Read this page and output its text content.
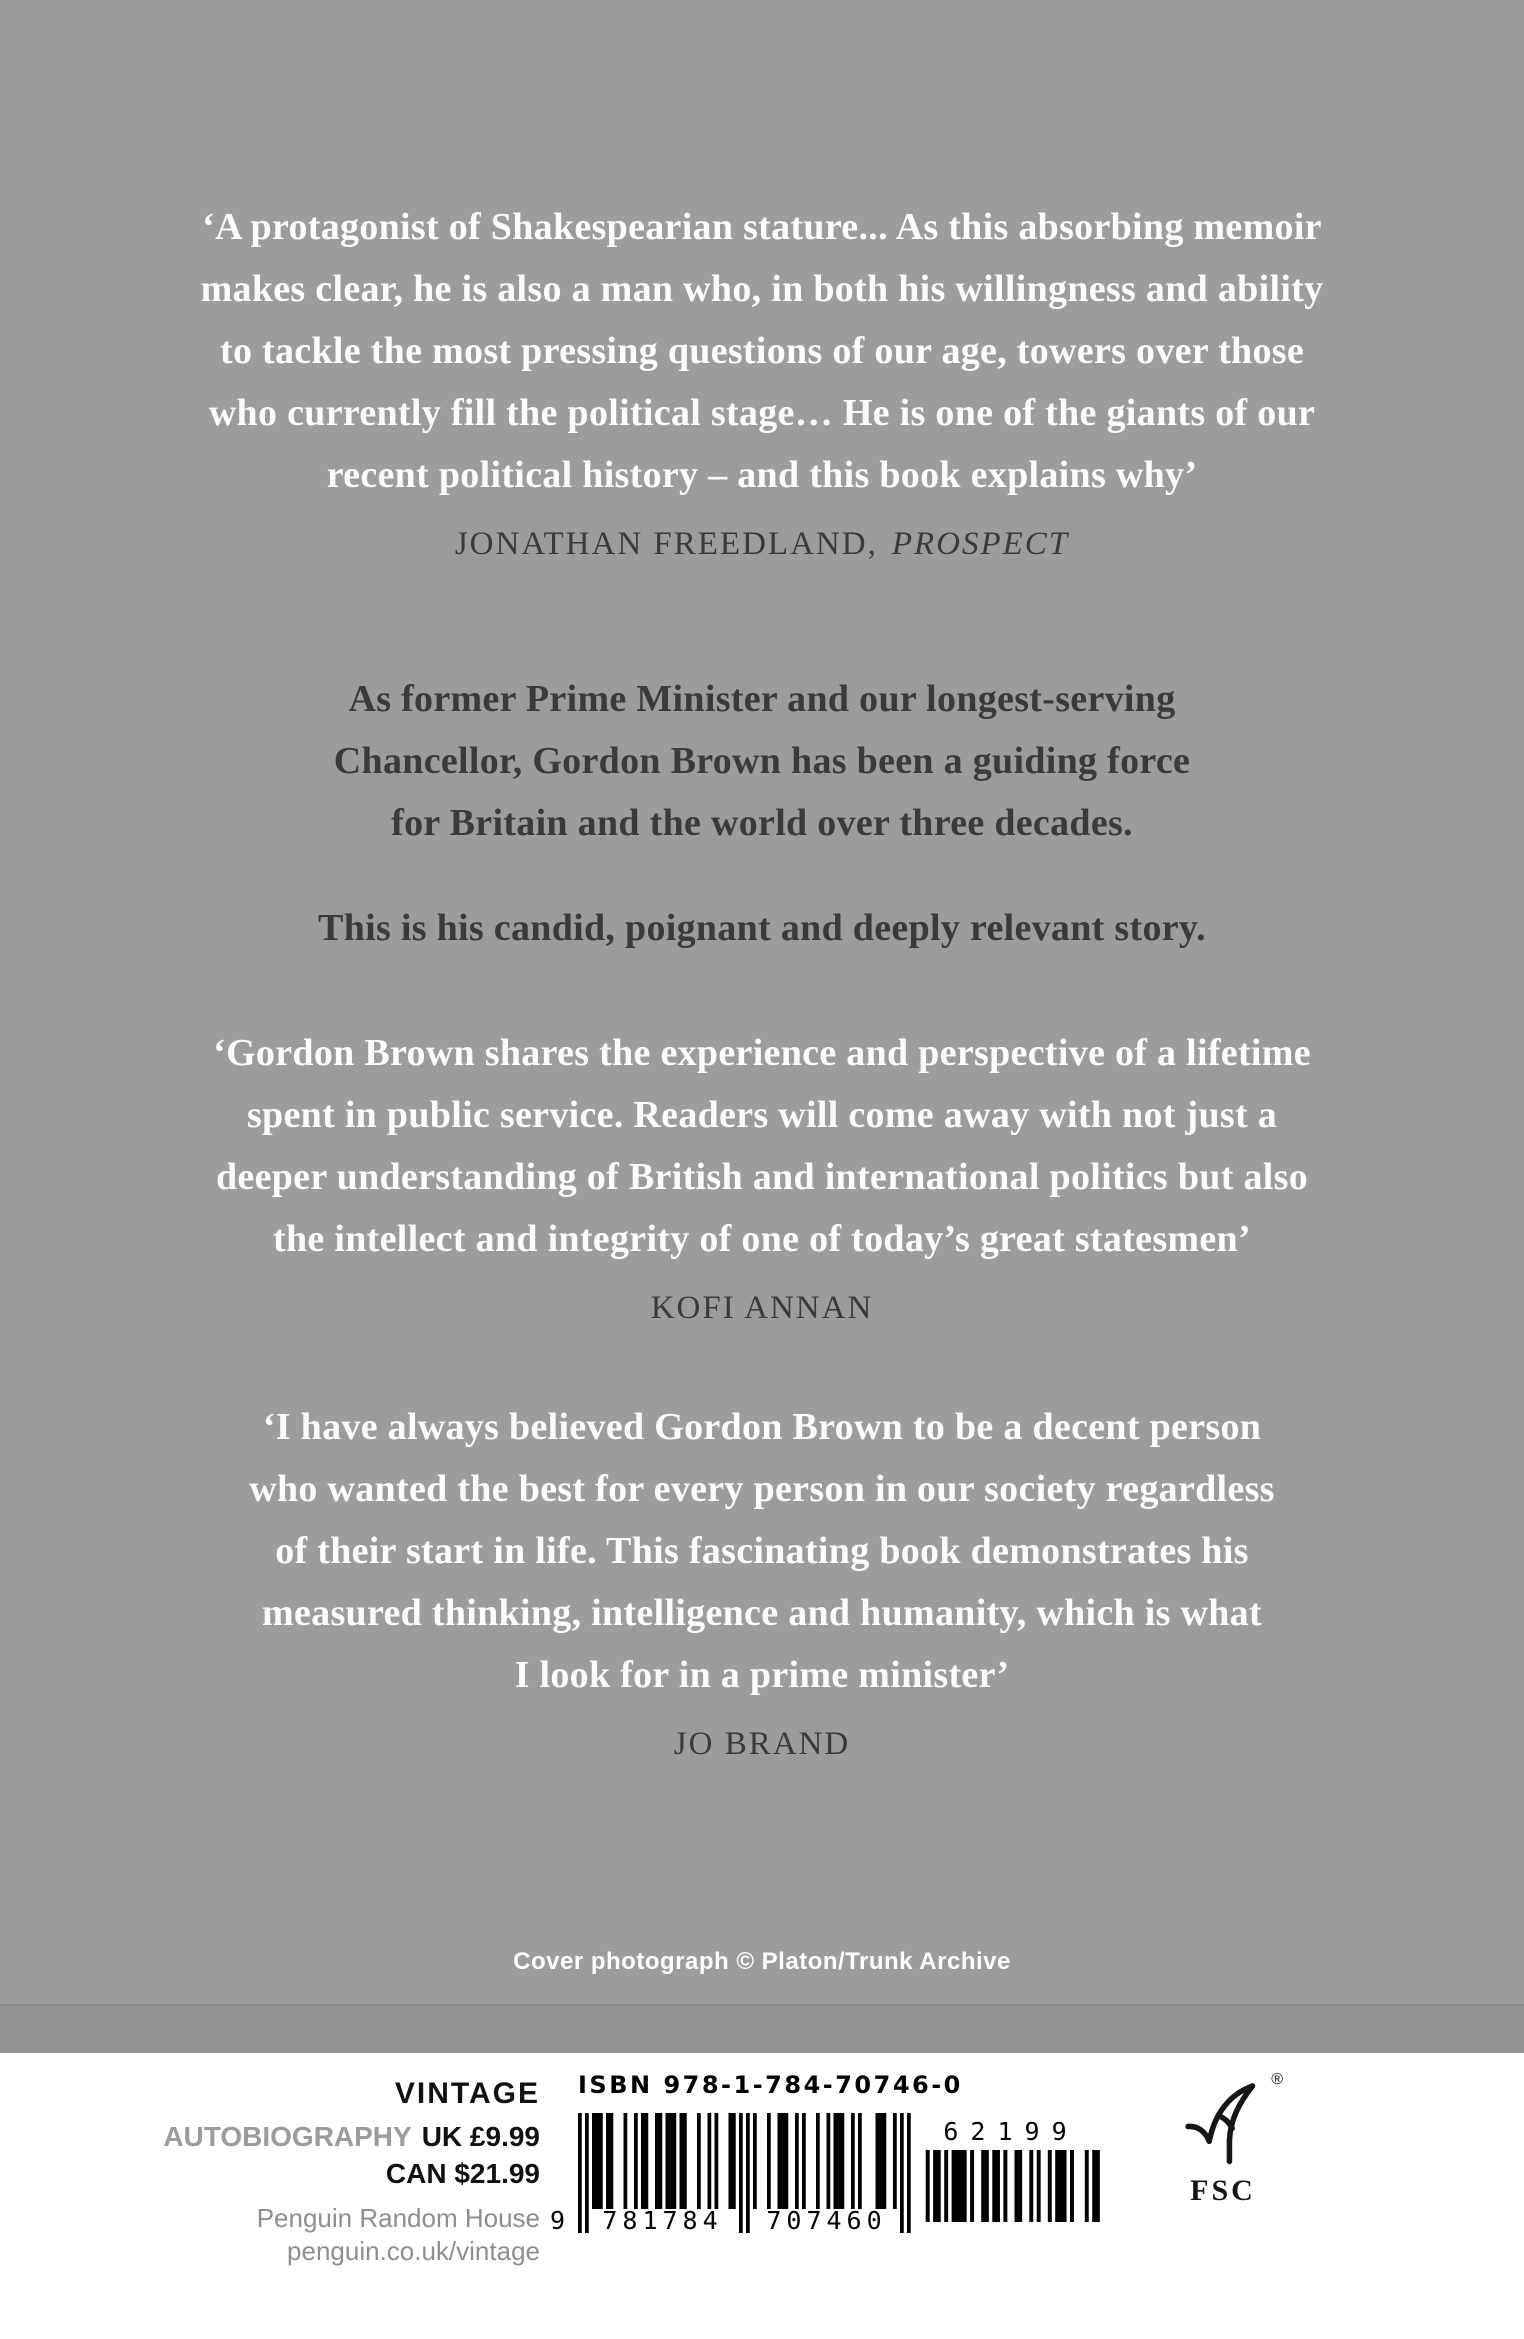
‘A protagonist of Shakespearian stature... As this absorbing memoir
makes clear, he is also a man who, in both his willingness and ability
to tackle the most pressing questions of our age, towers over those
who currently fill the political stage… He is one of the giants of our
recent political history – and this book explains why’
JONATHAN FREEDLAND, PROSPECT
As former Prime Minister and our longest-serving
Chancellor, Gordon Brown has been a guiding force
for Britain and the world over three decades.
This is his candid, poignant and deeply relevant story.
‘Gordon Brown shares the experience and perspective of a lifetime
spent in public service. Readers will come away with not just a
deeper understanding of British and international politics but also
the intellect and integrity of one of today’s great statesmen’
KOFI ANNAN
‘I have always believed Gordon Brown to be a decent person
who wanted the best for every person in our society regardless
of their start in life. This fascinating book demonstrates his
measured thinking, intelligence and humanity, which is what
I look for in a prime minister’
JO BRAND
Cover photograph © Platon/Trunk Archive
VINTAGE
AUTOBIOGRAPHY UK £9.99
CAN $21.99
Penguin Random House
penguin.co.uk/vintage
ISBN 978-1-784-70746-0
9	781784	707460
62199
®
FSC
